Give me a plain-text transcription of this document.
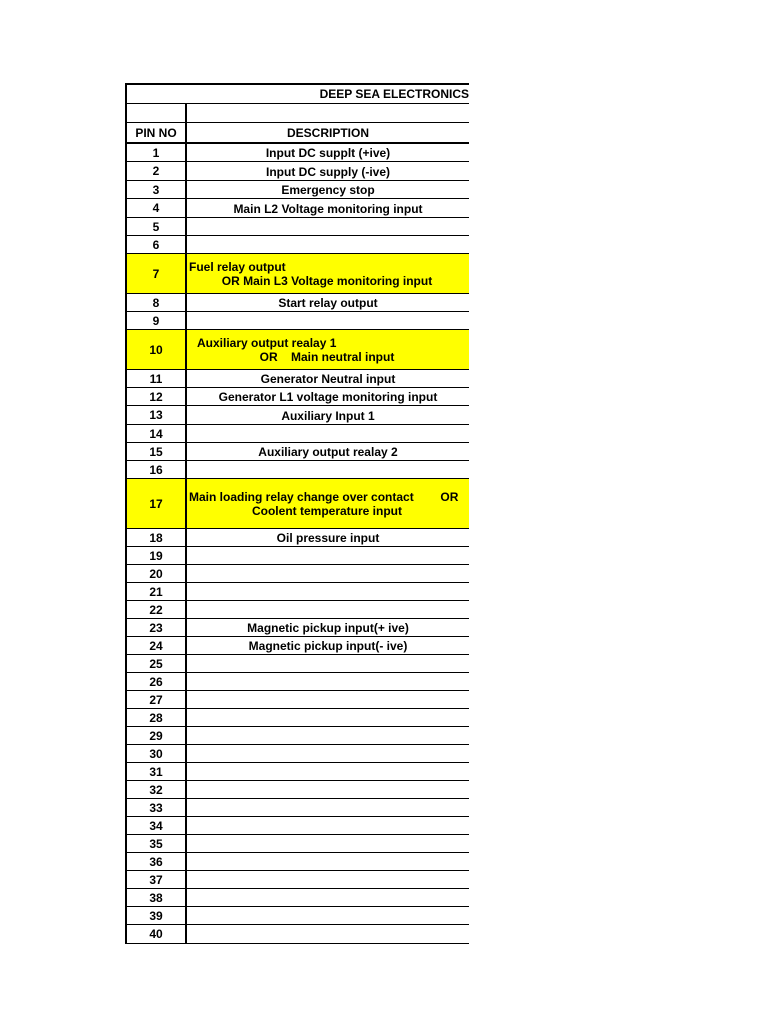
DEEP SEA ELECTRONICS
PIN NO	DESCRIPTION
1	Input DC supplt (+ive)
2	Input DC supply (-ive)
3	Emergency stop
4	Main L2 Voltage monitoring input
5
6
7	Fuel relay output
OR Main L3 Voltage monitoring input
8	Start relay output
9
10	Auxiliary output realay 1
OR    Main neutral input
11	Generator Neutral input
12	Generator L1 voltage monitoring input
13	Auxiliary Input 1
14
15	Auxiliary output realay 2
16
17	Main loading relay change over contact        OR
Coolent temperature input
18	Oil pressure input
19
20
21
22
23	Magnetic pickup input(+ ive)
24	Magnetic pickup input(- ive)
25
26
27
28
29
30
31
32
33
34
35
36
37
38
39
40
